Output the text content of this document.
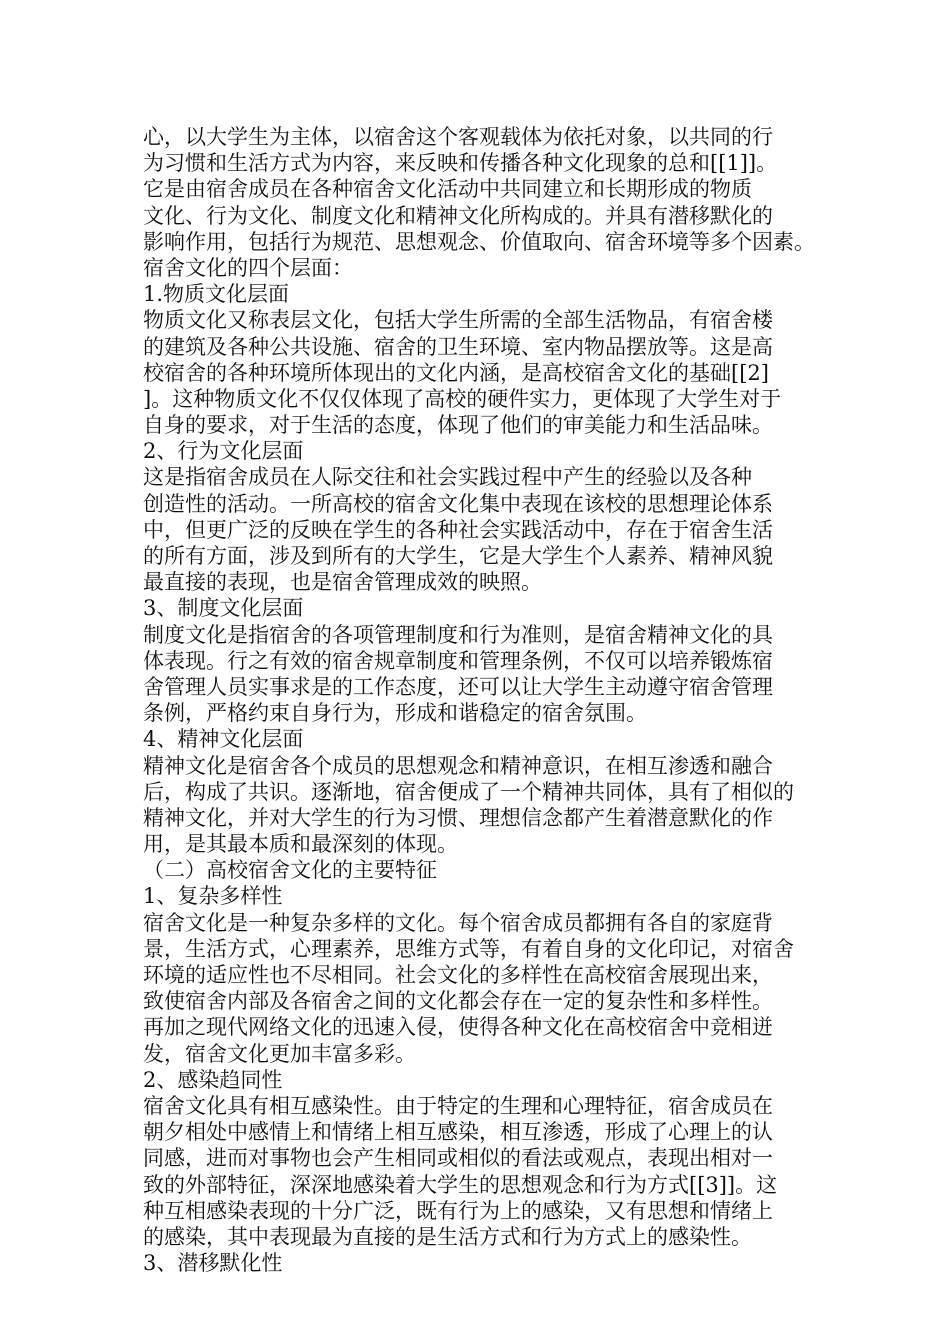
心，以大学生为主体，以宿舍这个客观载体为依托对象，以共同的行
为习惯和生活方式为内容，来反映和传播各种文化现象的总和[[1]]。
它是由宿舍成员在各种宿舍文化活动中共同建立和长期形成的物质
文化、行为文化、制度文化和精神文化所构成的。并具有潜移默化的
影响作用，包括行为规范、思想观念、价值取向、宿舍环境等多个因素。
宿舍文化的四个层面：
1.物质文化层面
物质文化又称表层文化，包括大学生所需的全部生活物品，有宿舍楼
的建筑及各种公共设施、宿舍的卫生环境、室内物品摆放等。这是高
校宿舍的各种环境所体现出的文化内涵，是高校宿舍文化的基础[[2]
]。这种物质文化不仅仅体现了高校的硬件实力，更体现了大学生对于
自身的要求，对于生活的态度，体现了他们的审美能力和生活品味。
2、行为文化层面
这是指宿舍成员在人际交往和社会实践过程中产生的经验以及各种
创造性的活动。一所高校的宿舍文化集中表现在该校的思想理论体系
中，但更广泛的反映在学生的各种社会实践活动中，存在于宿舍生活
的所有方面，涉及到所有的大学生，它是大学生个人素养、精神风貌
最直接的表现，也是宿舍管理成效的映照。
3、制度文化层面
制度文化是指宿舍的各项管理制度和行为准则，是宿舍精神文化的具
体表现。行之有效的宿舍规章制度和管理条例，不仅可以培养锻炼宿
舍管理人员实事求是的工作态度，还可以让大学生主动遵守宿舍管理
条例，严格约束自身行为，形成和谐稳定的宿舍氛围。
4、精神文化层面
精神文化是宿舍各个成员的思想观念和精神意识，在相互渗透和融合
后，构成了共识。逐渐地，宿舍便成了一个精神共同体，具有了相似的
精神文化，并对大学生的行为习惯、理想信念都产生着潜意默化的作
用，是其最本质和最深刻的体现。
（二）高校宿舍文化的主要特征
1、复杂多样性
宿舍文化是一种复杂多样的文化。每个宿舍成员都拥有各自的家庭背
景，生活方式，心理素养，思维方式等，有着自身的文化印记，对宿舍
环境的适应性也不尽相同。社会文化的多样性在高校宿舍展现出来，
致使宿舍内部及各宿舍之间的文化都会存在一定的复杂性和多样性。
再加之现代网络文化的迅速入侵，使得各种文化在高校宿舍中竞相迸
发，宿舍文化更加丰富多彩。
2、感染趋同性
宿舍文化具有相互感染性。由于特定的生理和心理特征，宿舍成员在
朝夕相处中感情上和情绪上相互感染，相互渗透，形成了心理上的认
同感，进而对事物也会产生相同或相似的看法或观点，表现出相对一
致的外部特征，深深地感染着大学生的思想观念和行为方式[[3]]。这
种互相感染表现的十分广泛，既有行为上的感染，又有思想和情绪上
的感染，其中表现最为直接的是生活方式和行为方式上的感染性。
3、潜移默化性
